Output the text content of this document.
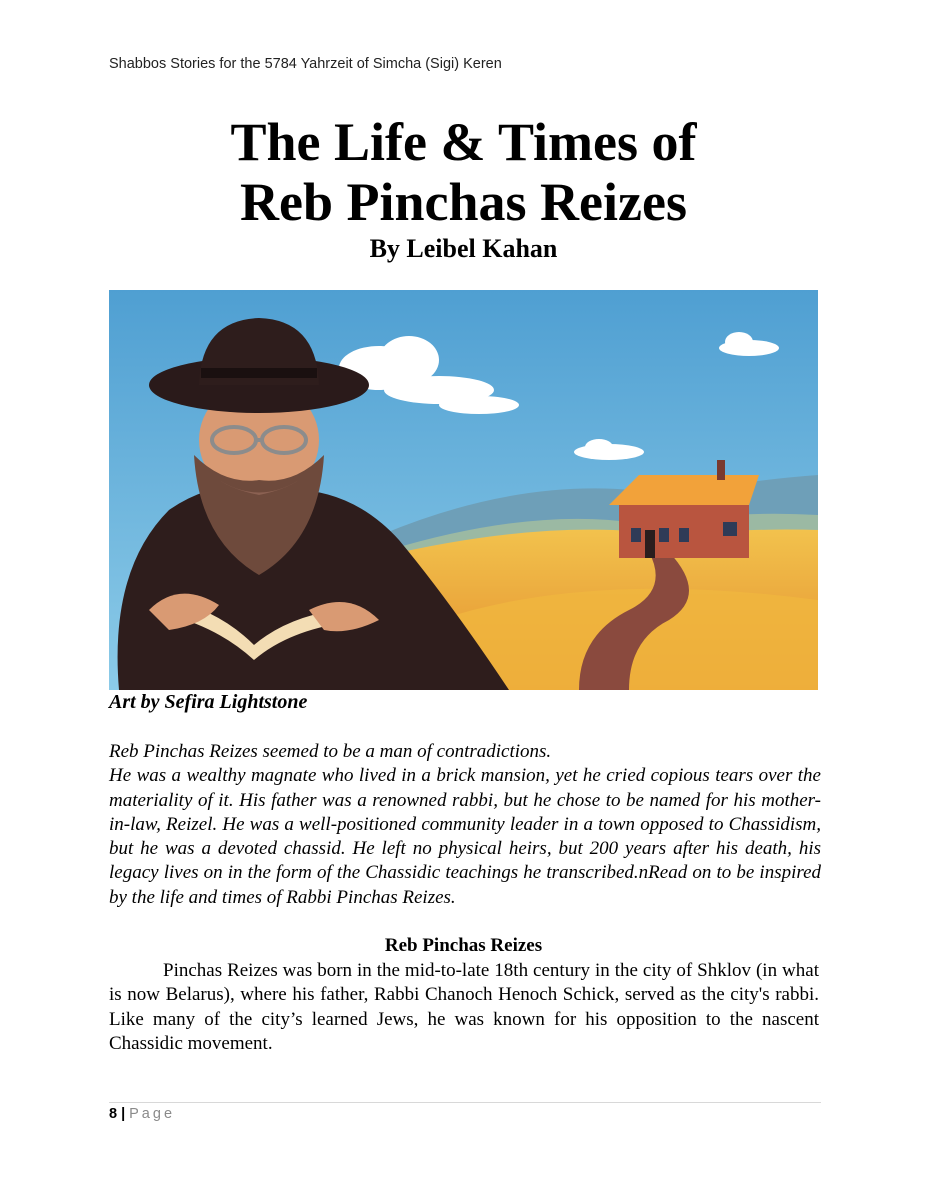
Shabbos Stories for the 5784 Yahrzeit of Simcha (Sigi) Keren
The Life & Times of
Reb Pinchas Reizes
By Leibel Kahan
Art by Sefira Lightstone

Reb Pinchas Reizes seemed to be a man of contradictions.

He was a wealthy magnate who lived in a brick mansion, yet he cried copious tears over the materiality of it. His father was a renowned rabbi, but he chose to be named for his mother-in-law, Reizel. He was a well-positioned community leader in a town opposed to Chassidism, but he was a devoted chassid. He left no physical heirs, but 200 years after his death, his legacy lives on in the form of the Chassidic teachings he transcribed.nRead on to be inspired by the life and times of Rabbi Pinchas Reizes.

Reb Pinchas Reizes

Pinchas Reizes was born in the mid-to-late 18th century in the city of Shklov (in what is now Belarus), where his father, Rabbi Chanoch Henoch Schick, served as the city's rabbi. Like many of the city’s learned Jews, he was known for his opposition to the nascent Chassidic movement.

8 | Page
